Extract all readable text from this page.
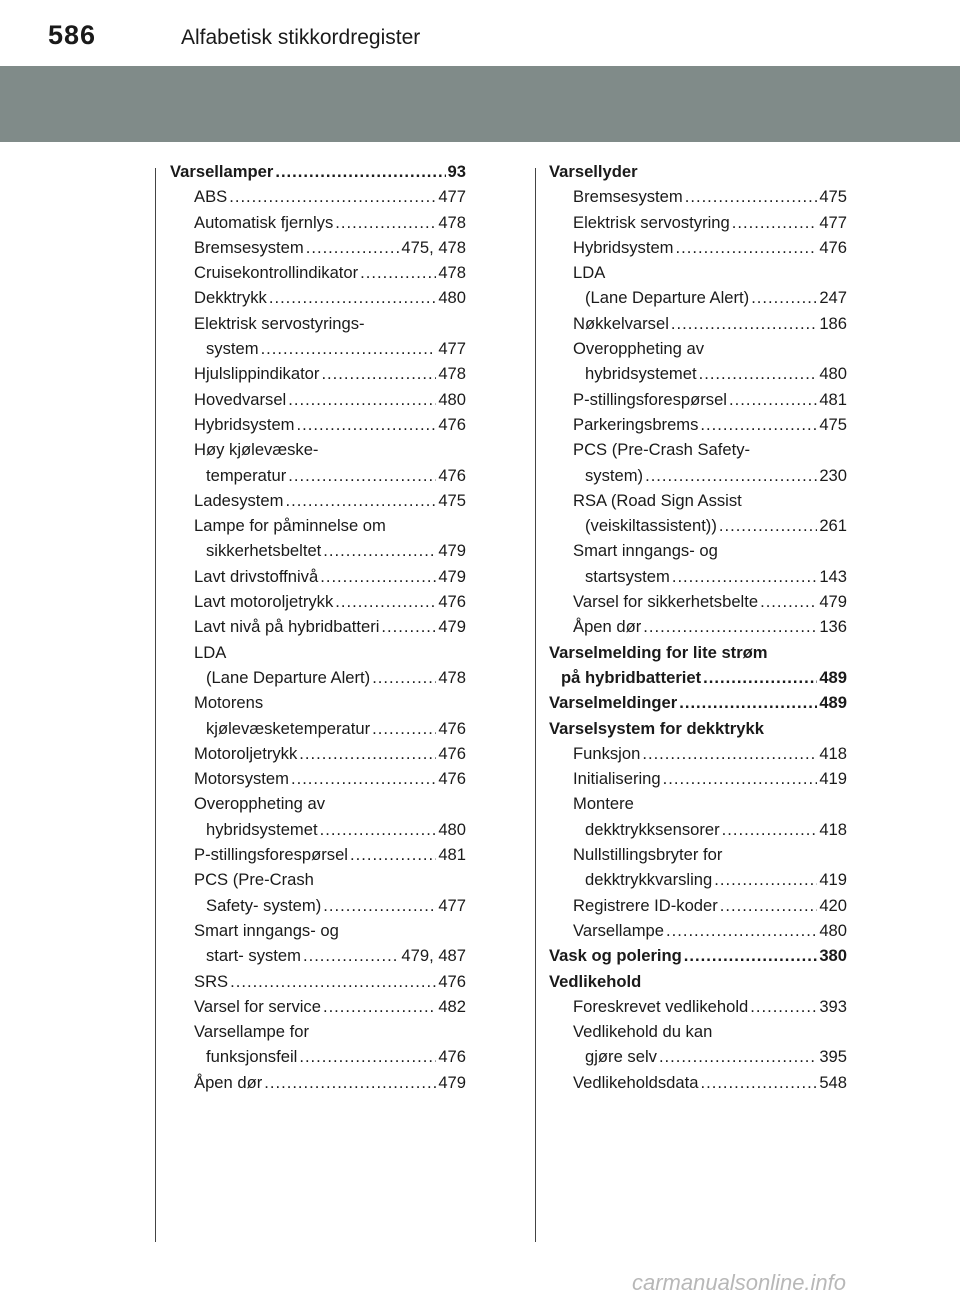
586	Alfabetisk stikkordregister
Varsellamper .....	93
ABS .....	477
Automatisk fjernlys .....	478
Bremsesystem .....	475, 478
Cruisekontrollindikator .....	478
Dekktrykk .....	480
Elektrisk servostyrings-
system .....	477
Hjulslippindikator .....	478
Hovedvarsel .....	480
Hybridsystem .....	476
Høy kjølevæske-
temperatur .....	476
Ladesystem .....	475
Lampe for påminnelse om
sikkerhetsbeltet .....	479
Lavt drivstoffnivå .....	479
Lavt motoroljetrykk .....	476
Lavt nivå på hybridbatteri .....	479
LDA
(Lane Departure Alert) .....	478
Motorens
kjølevæsketemperatur .....	476
Motoroljetrykk .....	476
Motorsystem .....	476
Overoppheting av
hybridsystemet .....	480
P-stillingsforespørsel .....	481
PCS (Pre-Crash
Safety- system) .....	477
Smart inngangs- og
start- system .....	479, 487
SRS .....	476
Varsel for service .....	482
Varsellampe for
funksjonsfeil .....	476
Åpen dør .....	479
Varsellyder
Bremsesystem .....	475
Elektrisk servostyring .....	477
Hybridsystem .....	476
LDA
(Lane Departure Alert) .....	247
Nøkkelvarsel .....	186
Overoppheting av
hybridsystemet .....	480
P-stillingsforespørsel .....	481
Parkeringsbrems .....	475
PCS (Pre-Crash Safety-
system) .....	230
RSA (Road Sign Assist
(veiskiltassistent)) .....	261
Smart inngangs- og
startsystem .....	143
Varsel for sikkerhetsbelte .....	479
Åpen dør .....	136
Varselmelding for lite strøm
på hybridbatteriet .....	489
Varselmeldinger .....	489
Varselsystem for dekktrykk
Funksjon .....	418
Initialisering .....	419
Montere
dekktrykksensorer .....	418
Nullstillingsbryter for
dekktrykkvarsling .....	419
Registrere ID-koder .....	420
Varsellampe .....	480
Vask og polering .....	380
Vedlikehold
Foreskrevet vedlikehold .....	393
Vedlikehold du kan
gjøre selv .....	395
Vedlikeholdsdata .....	548
carmanualsonline.info
